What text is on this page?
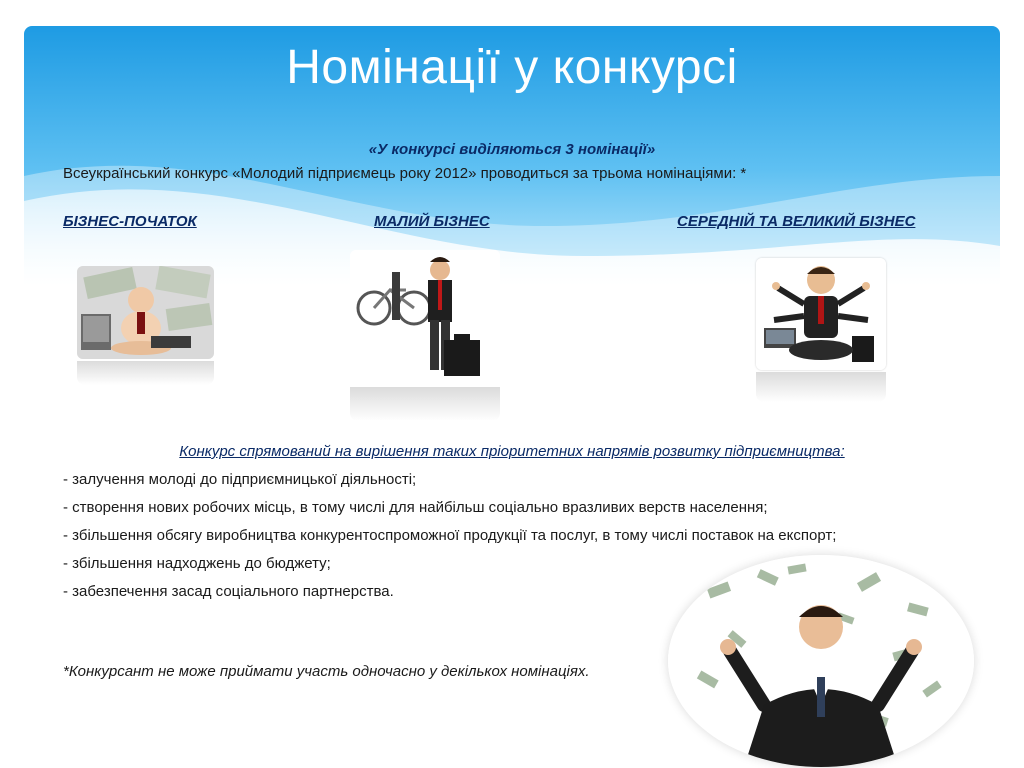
Номінації у конкурсі
«У конкурсі виділяються 3 номінації»
Всеукраїнський конкурс «Молодий підприємець року 2012» проводиться за трьома номінаціями: *
БІЗНЕС-ПОЧАТОК	МАЛИЙ БІЗНЕС	СЕРЕДНІЙ ТА ВЕЛИКИЙ БІЗНЕС
Конкурс спрямований на вирішення таких пріоритетних напрямів розвитку підприємництва:
- залучення молоді до підприємницької діяльності;
- створення нових робочих місць, в тому числі для найбільш соціально вразливих верств населення;
- збільшення обсягу виробництва конкурентоспроможної продукції та послуг, в тому числі поставок на експорт;
- збільшення надходжень до бюджету;
- забезпечення засад соціального партнерства.
*Конкурсант не може приймати участь одночасно у декількох номінаціях.
